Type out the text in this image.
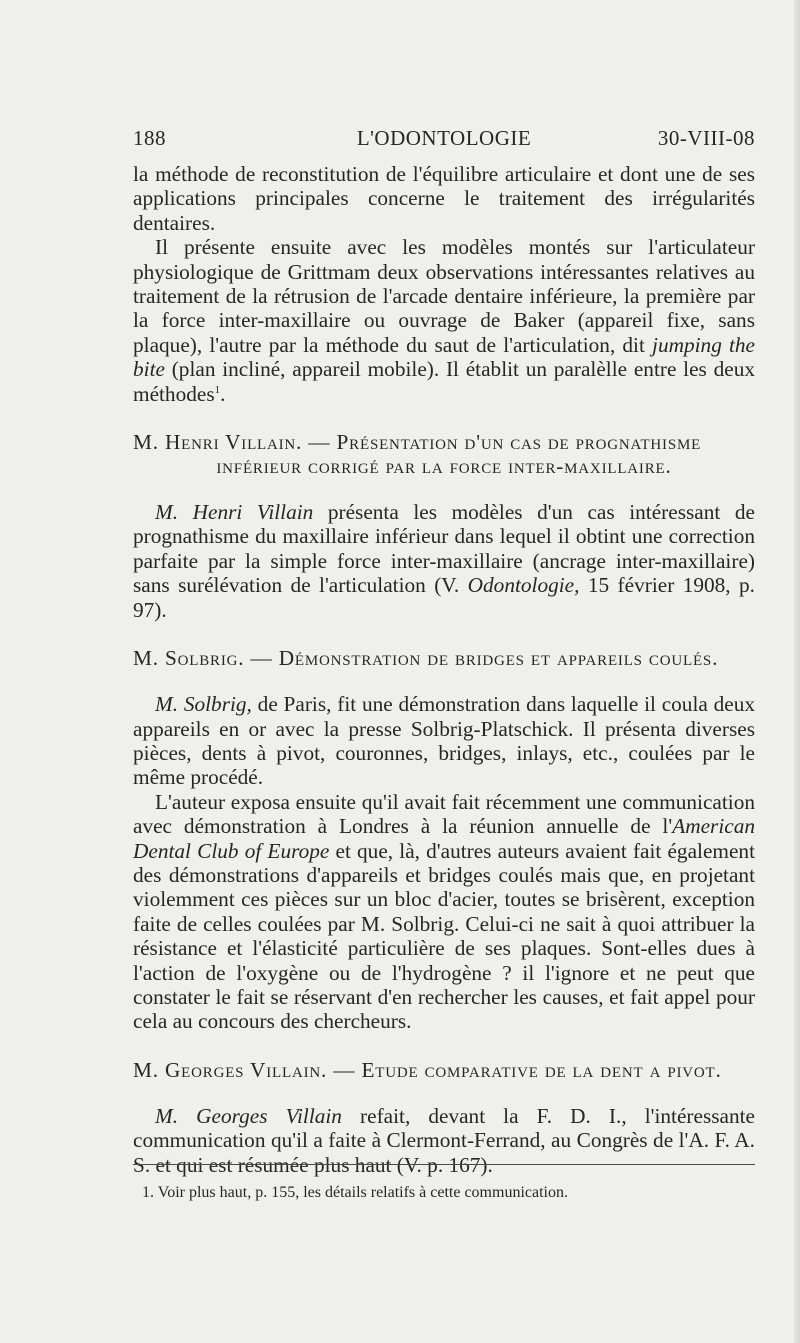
188	L'ODONTOLOGIE	30-VIII-08

la méthode de reconstitution de l'équilibre articulaire et dont une de ses applications principales concerne le traitement des irrégularités dentaires.

Il présente ensuite avec les modèles montés sur l'articulateur physiologique de Grittmam deux observations intéressantes relatives au traitement de la rétrusion de l'arcade dentaire inférieure, la première par la force inter-maxillaire ou ouvrage de Baker (appareil fixe, sans plaque), l'autre par la méthode du saut de l'articulation, dit jumping the bite (plan incliné, appareil mobile). Il établit un paralèlle entre les deux méthodes$^1$.

M. Henri Villain. — Présentation d'un cas de prognathisme
inférieur corrigé par la force inter-maxillaire.

M. Henri Villain présenta les modèles d'un cas intéressant de prognathisme du maxillaire inférieur dans lequel il obtint une correction parfaite par la simple force inter-maxillaire (ancrage inter-maxillaire) sans surélévation de l'articulation (V. Odontologie, 15 février 1908, p. 97).

M. Solbrig. — Démonstration de bridges et appareils coulés.

M. Solbrig, de Paris, fit une démonstration dans laquelle il coula deux appareils en or avec la presse Solbrig-Platschick. Il présenta diverses pièces, dents à pivot, couronnes, bridges, inlays, etc., coulées par le même procédé.

L'auteur exposa ensuite qu'il avait fait récemment une communication avec démonstration à Londres à la réunion annuelle de l'American Dental Club of Europe et que, là, d'autres auteurs avaient fait également des démonstrations d'appareils et bridges coulés mais que, en projetant violemment ces pièces sur un bloc d'acier, toutes se brisèrent, exception faite de celles coulées par M. Solbrig. Celui-ci ne sait à quoi attribuer la résistance et l'élasticité particulière de ses plaques. Sont-elles dues à l'action de l'oxygène ou de l'hydrogène ? il l'ignore et ne peut que constater le fait se réservant d'en rechercher les causes, et fait appel pour cela au concours des chercheurs.

M. Georges Villain. — Etude comparative de la dent a pivot.

M. Georges Villain refait, devant la F. D. I., l'intéressante communication qu'il a faite à Clermont-Ferrand, au Congrès de l'A. F. A. S. et qui est résumée plus haut (V. p. 167).

1. Voir plus haut, p. 155, les détails relatifs à cette communication.
